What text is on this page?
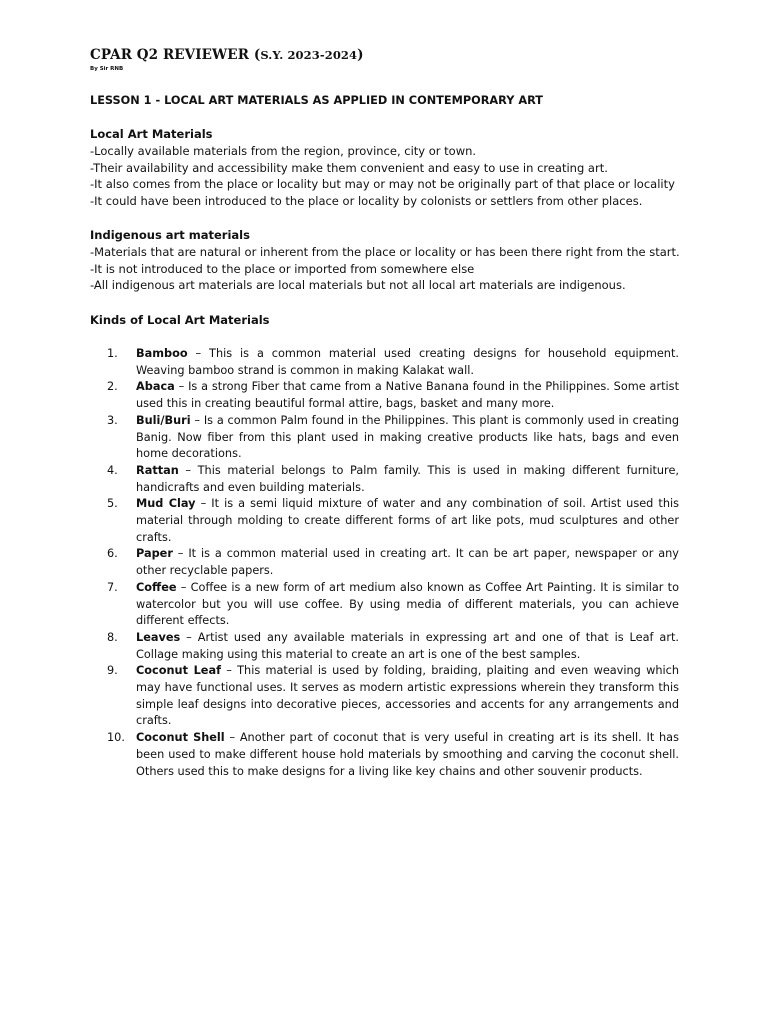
CPAR Q2 REVIEWER (S.Y. 2023-2024)
By Sir RNB
LESSON 1 - LOCAL ART MATERIALS AS APPLIED IN CONTEMPORARY ART
Local Art Materials

-Locally available materials from the region, province, city or town.

-Their availability and accessibility make them convenient and easy to use in creating art.

-It also comes from the place or locality but may or may not be originally part of that place or locality

-It could have been introduced to the place or locality by colonists or settlers from other places.

Indigenous art materials

-Materials that are natural or inherent from the place or locality or has been there right from the start.

-It is not introduced to the place or imported from somewhere else

-All indigenous art materials are local materials but not all local art materials are indigenous.

Kinds of Local Art Materials
1.	Bamboo – This is a common material used creating designs for household equipment. Weaving bamboo strand is common in making Kalakat wall.
2.	Abaca – Is a strong Fiber that came from a Native Banana found in the Philippines. Some artist used this in creating beautiful formal attire, bags, basket and many more.
3.	Buli/Buri – Is a common Palm found in the Philippines. This plant is commonly used in creating Banig. Now fiber from this plant used in making creative products like hats, bags and even home decorations.
4.	Rattan – This material belongs to Palm family. This is used in making different furniture, handicrafts and even building materials.
5.	Mud Clay – It is a semi liquid mixture of water and any combination of soil. Artist used this material through molding to create different forms of art like pots, mud sculptures and other crafts.
6.	Paper – It is a common material used in creating art. It can be art paper, newspaper or any other recyclable papers.
7.	Coffee – Coffee is a new form of art medium also known as Coffee Art Painting. It is similar to watercolor but you will use coffee. By using media of different materials, you can achieve different effects.
8.	Leaves – Artist used any available materials in expressing art and one of that is Leaf art. Collage making using this material to create an art is one of the best samples.
9.	Coconut Leaf – This material is used by folding, braiding, plaiting and even weaving which may have functional uses. It serves as modern artistic expressions wherein they transform this simple leaf designs into decorative pieces, accessories and accents for any arrangements and crafts.
10. Coconut Shell – Another part of coconut that is very useful in creating art is its shell. It has been used to make different house hold materials by smoothing and carving the coconut shell. Others used this to make designs for a living like key chains and other souvenir products.
